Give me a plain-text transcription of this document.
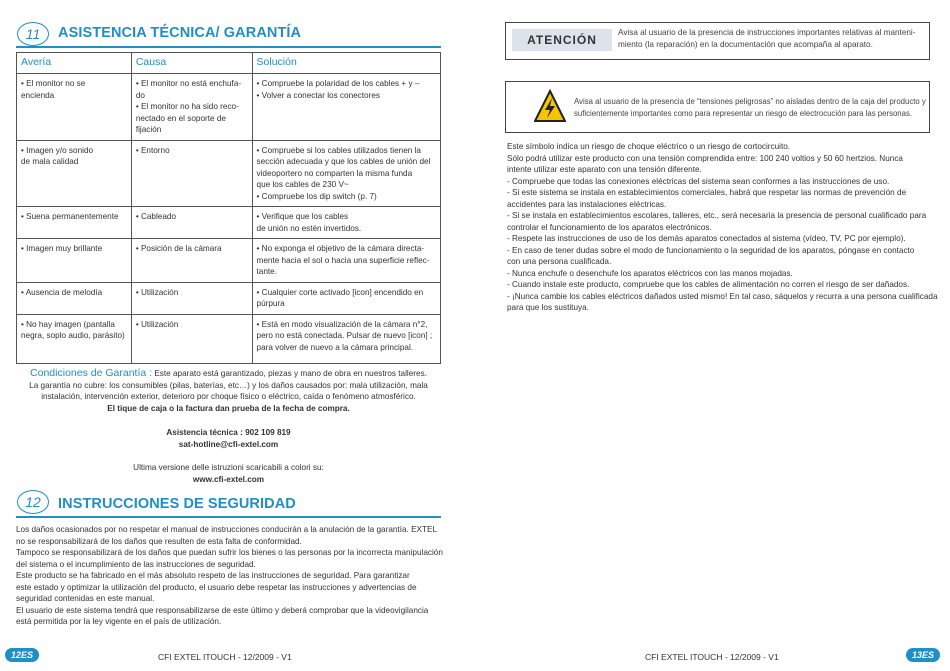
11	ASISTENCIA TÉCNICA/ GARANTÍA
Avería	Causa	Solución

• El monitor no se
encienda	• El monitor no está enchufa-
do
• El monitor no ha sido reco-
nectado en el soporte de
fijación	• Compruebe la polaridad de los cables + y –
• Volver a conectar los conectores

• Imagen y/o sonido
de mala calidad	• Entorno	• Compruebe si los cables utilizados tienen la
sección adecuada y que los cables de unión del
videoportero no comparten la misma funda
que los cables de 230 V~
• Compruebe los dip switch (p. 7)

• Suena permanentemente	• Cableado	• Verifique que los cables
de unión no estén invertidos.

• Imagen muy brillante	• Posición de la cámara	• No exponga el objetivo de la cámara directa-
mente hacia el sol o hacia una superficie reflec-
tante.

• Ausencia de melodía	• Utilización	• Cualquier corte activado [icon] encendido en
púrpura

• No hay imagen (pantalla
negra, soplo audio, parásito)	• Utilización	• Está en modo visualización de la cámara n°2,
pero no está conectada. Pulsar de nuevo [icon] ;
para volver de nuevo a la cámara principal.
Condiciones de Garantía : Este aparato está garantizado, piezas y mano de obra en nuestros talleres.
La garantía no cubre: los consumibles (pilas, baterías, etc…) y los daños causados por: mala utilización, mala
instalación, intervención exterior, deterioro por choque físico o eléctrico, caída o fenómeno atmosférico.
El tique de caja o la factura dan prueba de la fecha de compra.
Asistencia técnica : 902 109 819
sat-hotline@cfi-extel.com
Ultima versione delle istruzioni scaricabili a colori su:
www.cfi-extel.com
12	INSTRUCCIONES DE SEGURIDAD
Los daños ocasionados por no respetar el manual de instrucciones conducirán a la anulación de la garantía. EXTEL
no se responsabilizará de los daños que resulten de esta falta de conformidad.
Tampoco se responsabilizará de los daños que puedan sufrir los bienes o las personas por la incorrecta manipulación
del sistema o el incumplimiento de las instrucciones de seguridad.
Este producto se ha fabricado en el más absoluto respeto de las instrucciones de seguridad. Para garantizar
este estado y optimizar la utilización del producto, el usuario debe respetar las instrucciones y advertencias de
seguridad contenidas en este manual.
El usuario de este sistema tendrá que responsabilizarse de este último y deberá comprobar que la videovigilancia
está permitida por la ley vigente en el país de utilización.
12ES	CFI EXTEL ITOUCH - 12/2009 - V1
ATENCIÓN
Avisa al usuario de la presencia de instrucciones importantes relativas al manteni-
miento (la reparación) en la documentación que acompaña al aparato.
Avisa al usuario de la presencia de “tensiones peligrosas” no aisladas dentro de la caja del producto y
suficientemente importantes como para representar un riesgo de electrocución para las personas.
Este símbolo indica un riesgo de choque eléctrico o un riesgo de cortocircuito.
Sólo podrá utilizar este producto con una tensión comprendida entre: 100 240 voltios y 50 60 hertzios. Nunca
intente utilizar este aparato con una tensión diferente.
- Compruebe que todas las conexiones eléctricas del sistema sean conformes a las instrucciones de uso.
- Si este sistema se instala en establecimientos comerciales, habrá que respetar las normas de prevención de
accidentes para las instalaciones eléctricas.
- Si se instala en establecimientos escolares, talleres, etc., será necesaria la presencia de personal cualificado para
controlar el funcionamiento de los aparatos electrónicos.
- Respete las instrucciones de uso de los demás aparatos conectados al sistema (vídeo, TV, PC por ejemplo).
- En caso de tener dudas sobre el modo de funcionamiento o la seguridad de los aparatos, póngase en contacto
con una persona cualificada.
- Nunca enchufe o desenchufe los aparatos eléctricos con las manos mojadas.
- Cuando instale este producto, compruebe que los cables de alimentación no corren el riesgo de ser dañados.
- ¡Nunca cambie los cables eléctricos dañados usted mismo! En tal caso, sáquelos y recurra a una persona cualificada
para que los sustituya.
CFI EXTEL ITOUCH - 12/2009 - V1	13ES
